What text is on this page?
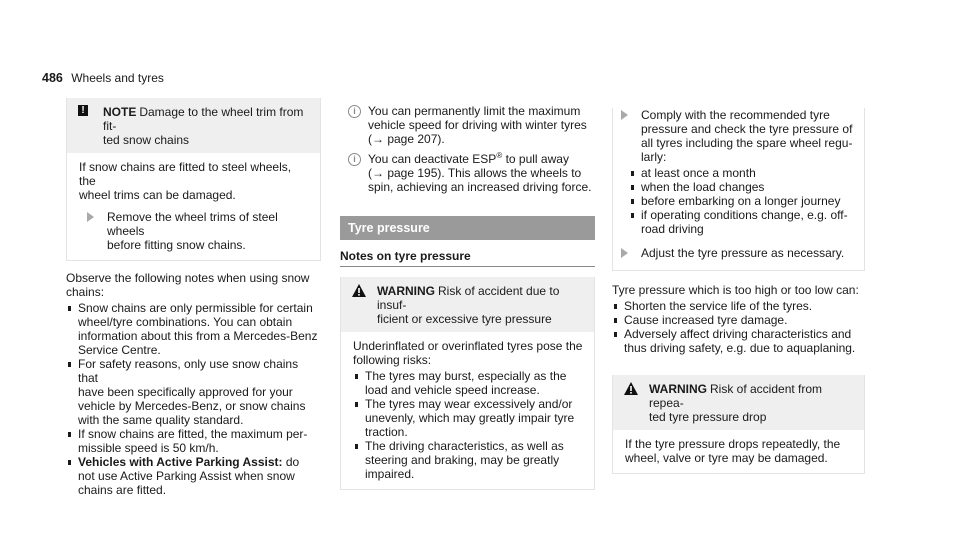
486 Wheels and tyres
!	NOTE Damage to the wheel trim from fit-
ted snow chains

If snow chains are fitted to steel wheels, the
wheel trims can be damaged.

Remove the wheel trims of steel wheels
before fitting snow chains.

Observe the following notes when using snow
chains:

Snow chains are only permissible for certain
wheel/tyre combinations. You can obtain
information about this from a Mercedes-Benz
Service Centre.
For safety reasons, only use snow chains that
have been specifically approved for your
vehicle by Mercedes-Benz, or snow chains
with the same quality standard.
If snow chains are fitted, the maximum per-
missible speed is 50 km/h.
Vehicles with Active Parking Assist: do
not use Active Parking Assist when snow
chains are fitted.
i	You can permanently limit the maximum
vehicle speed for driving with winter tyres
(→ page 207).
i	You can deactivate ESP® to pull away
(→ page 195). This allows the wheels to
spin, achieving an increased driving force.
Tyre pressure
Notes on tyre pressure
WARNING Risk of accident due to insuf-
ficient or excessive tyre pressure

Underinflated or overinflated tyres pose the
following risks:

The tyres may burst, especially as the
load and vehicle speed increase.
The tyres may wear excessively and/or
unevenly, which may greatly impair tyre
traction.
The driving characteristics, as well as
steering and braking, may be greatly
impaired.
Comply with the recommended tyre
pressure and check the tyre pressure of
all tyres including the spare wheel regu-
larly:
at least once a month
when the load changes
before embarking on a longer journey
if operating conditions change, e.g. off-
road driving
Adjust the tyre pressure as necessary.

Tyre pressure which is too high or too low can:

Shorten the service life of the tyres.
Cause increased tyre damage.
Adversely affect driving characteristics and
thus driving safety, e.g. due to aquaplaning.
WARNING Risk of accident from repea-
ted tyre pressure drop

If the tyre pressure drops repeatedly, the
wheel, valve or tyre may be damaged.
